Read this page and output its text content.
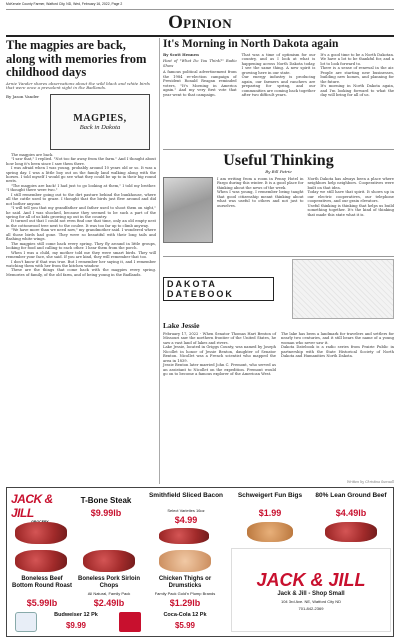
McKenzie County Farmer, Watford City, ND, Wed, February 16, 2022, Page 2
Opinion
The magpies are back, along with memories from childhood days
Arnie Vander shares observations about the wild black and white birds that were once a prevalent sight in the Badlands.
By Jason Vander
MAGPIES,
Back in Dakota

The magpies are back.

"I saw that," I replied. "Not too far away from the farm." And I thought about how long it's been since I saw them there.

I was afraid when I was young, probably around 10 years old or so. It was a spring day. I was a little boy out on the family land walking along with the horses. I told myself I would go see what they could be up to in their big round nests.

"The magpies are back! I had just to go looking at them," I told my brother. "I thought there were two."

I still remember going out to the dirt pasture behind the bunkhouse, where all the cattle used to graze. I thought that the birds just flew around and did not bother anyone.

"I will tell you that my grandfather and father used to shoot them on sight," he said. And I was shocked, because they seemed to be such a part of the spring for all of us kids growing up out in the country.

It turned out that I could not even find one that time, only an old empty nest in the cottonwood tree next to the coulee. It was too far up to climb anyway.

"We have more than we need now," my grandmother said. I wondered where all those birds had gone. They were so beautiful with their long tails and flashing white wings.

The magpies still come back every spring. They fly around in little groups, looking for food and calling to each other. I hear them from the porch.

When I was a child, my mother told me they were smart birds. They will remember your face, she said. If you are kind, they will remember that too.

I don't know if that was true. But I remember her saying it, and I remember watching them with her from the kitchen window.

These are the things that come back with the magpies every spring. Memories of family, of the old farm, and of being young in the Badlands.

It's Morning in North Dakota again
By Scott Hennen
Host of "What Do You Think?" Radio Show

A famous political advertisement from the 1984 re-election campaign of President Ronald Reagan reminded voters, "It's Morning in America again." And my very first vote that year went to that campaign.

That was a time of optimism for our country, and as I look at what is happening across North Dakota today, I see the same thing. A new spirit is growing here in our state.

Our energy industry is producing again, our farmers and ranchers are preparing for spring, and our communities are coming back together after two difficult years.

It's a good time to be a North Dakotan. We have a lot to be thankful for, and a lot to look forward to.

There is a sense of renewal in the air. People are starting new businesses, building new homes, and planning for the future.

It's morning in North Dakota again, and I'm looking forward to what the day will bring for all of us.

Useful Thinking
By Bill Patrie

I am writing from a room in Penny Hotel in Fargo during this winter. It is a good place for thinking about the news of the week.

When I was young, I remember being taught that good citizenship meant thinking about what was useful to others and not just to ourselves.

North Dakota has always been a place where neighbors help neighbors. Cooperatives were built on that idea.

Today we still have that spirit. It shows up in our electric cooperatives, our telephone cooperatives, and our grain elevators.

Useful thinking is thinking that helps us build something together. It's the kind of thinking that made this state what it is.

DAKOTA DATEBOOK
Lake Jessie

February 17, 2022 - When Senator Thomas Hart Benton of Missouri saw the northern frontier of the United States, he saw a vast land of lakes and rivers.

Lake Jessie, located in Griggs County, was named by Joseph Nicollet in honor of Jessie Benton, daughter of Senator Benton. Nicollet was a French scientist who mapped the area in 1839.

Jessie Benton later married John C. Fremont, who served as an assistant to Nicollet on the expedition. Fremont would go on to become a famous explorer of the American West.

The lake has been a landmark for travelers and settlers for nearly two centuries, and it still bears the name of a young woman who never saw it.

Dakota Datebook is a radio series from Prairie Public in partnership with the State Historical Society of North Dakota and Humanities North Dakota.

Written by Christina Sunwall
JACK & JILL
T-Bone Steak
$9.99lb
Smithfield Sliced Bacon
Select Varieties 16oz
$4.99
Schweigert Fun Bigs
$1.99
80% Lean Ground Beef
$4.49lb
Boneless Beef Bottom Round Roast
$5.99lb
Boneless Pork Sirloin Chops
All Natural, Family Pack
$2.49lb
Chicken Thighs or Drumsticks
Family Pack Gold'n Plump Brands
$1.29lb
JACK & JILL
Jack & Jill - Shop Small
104 3rd Ave. NE, Watford City ND
701-842-2369
Budweiser 12 Pk
$9.99
Coca-Cola 12 Pk
$5.99
